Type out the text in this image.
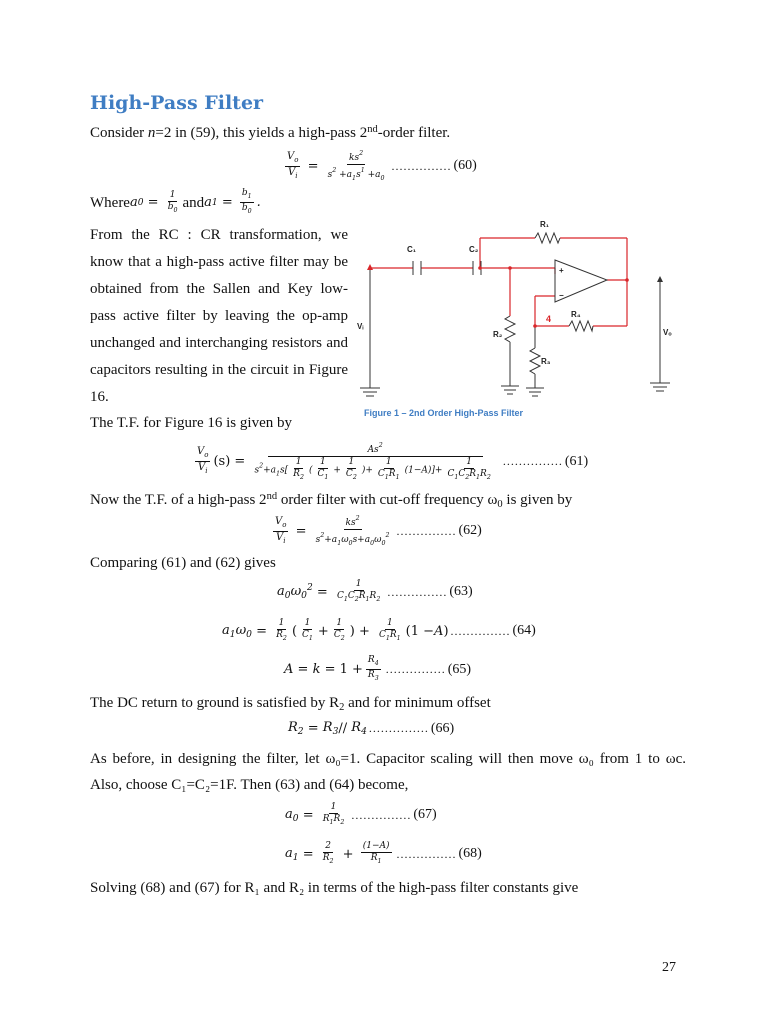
High-Pass Filter
Consider n=2 in (59), this yields a high-pass 2nd-order filter.
$\frac{V_o}{V_i} = \frac{ks^2}{s^2 +a_1s^1 +a_0}$ ............... (60)
Where a $0 = \frac{1}{b_0}$ and a $1 = \frac{b_1}{b_0}$ .
From the RC : CR transformation, we know that a high-pass active filter may be obtained from the Sallen and Key low-pass active filter by leaving the op-amp unchanged and interchanging resistors and capacitors resulting in the circuit in Figure 16.
R₁
C₁	C₂
R₂
R₃
R₄
Vᵢ
Vₒ
4
+
−
Figure 1 – 2nd Order High-Pass Filter
The T.F. for Figure 16 is given by
$\frac{V_o}{V_i} (s) = \frac{As^2}{s^2+a_1s[ \frac{1}{R_2} ( \frac{1}{C_1} + \frac{1}{C_2} )+ \frac{1}{C_1R_1} (1-A)]+ \frac{1}{C_1C_2R_1R_2}}$ ............... (61)
Now the T.F. of a high-pass 2nd order filter with cut-off frequency $\omega_0$ is given by
$\frac{V_o}{V_i} = \frac{ks^2}{s^2+a_1\omega_0s+a_0\omega_0^2}$ ............... (62)
Comparing (61) and (62) gives
$a_0\omega_0^2 = \frac{1}{C_1C_2R_1R_2}$ ............... (63)
$a_1\omega_0 = \frac{1}{R_2}$ ( $\frac{1}{C_1} + \frac{1}{C_2}$ ) + $\frac{1}{C_1R_1} (1 - A$ ) ............... (64)
$A = k = 1 + \frac{R_4}{R_3}$ ............... (65)
The DC return to ground is satisfied by $R_2$ and for minimum offset
$R_2 = R_3 // R_4$ ............... (66)
As before, in designing the filter, let ω₀=1. Capacitor scaling will then move ω₀ from 1 to ωc.
Also, choose C₁=C₂=1F. Then (63) and (64) become,
$a_0 = \frac{1}{R_1R_2}$ ............... (67)
$a_1 = \frac{2}{R_2} + \frac{(1-A)}{R_1}$ ............... (68)
Solving (68) and (67) for R₁ and R₂ in terms of the high-pass filter constants give
27
